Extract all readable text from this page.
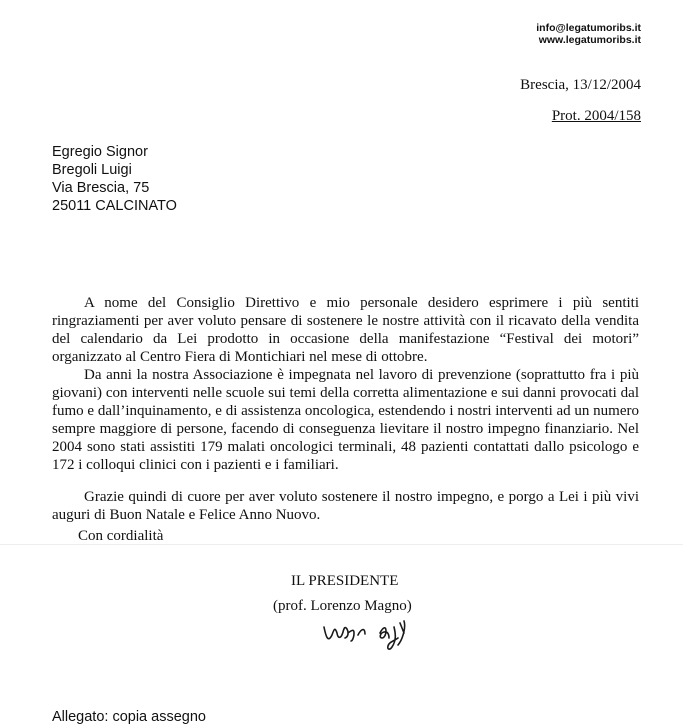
info@legatumoribs.it
www.legatumoribs.it
Brescia, 13/12/2004
Prot. 2004/158
Egregio Signor
Bregoli Luigi
Via Brescia, 75
25011 CALCINATO
A nome del Consiglio Direttivo e mio personale desidero esprimere i più sentiti ringraziamenti per aver voluto pensare di sostenere le nostre attività con il ricavato della vendita del calendario da Lei prodotto in occasione della manifestazione “Festival dei motori” organizzato al Centro Fiera di Montichiari nel mese di ottobre.
Da anni la nostra Associazione è impegnata nel lavoro di prevenzione (soprattutto fra i più giovani) con interventi nelle scuole sui temi della corretta alimentazione e sui danni provocati dal fumo e dall’inquinamento, e di assistenza oncologica, estendendo i nostri interventi ad un numero sempre maggiore di persone, facendo di conseguenza lievitare il nostro impegno finanziario. Nel 2004 sono stati assistiti 179 malati oncologici terminali, 48 pazienti contattati dallo psicologo e 172 i colloqui clinici con i pazienti e i familiari.
Grazie quindi di cuore per aver voluto sostenere il nostro impegno, e porgo a Lei i più vivi auguri di Buon Natale e Felice Anno Nuovo.
Con cordialità
IL PRESIDENTE
(prof. Lorenzo Magno)
Allegato: copia assegno
